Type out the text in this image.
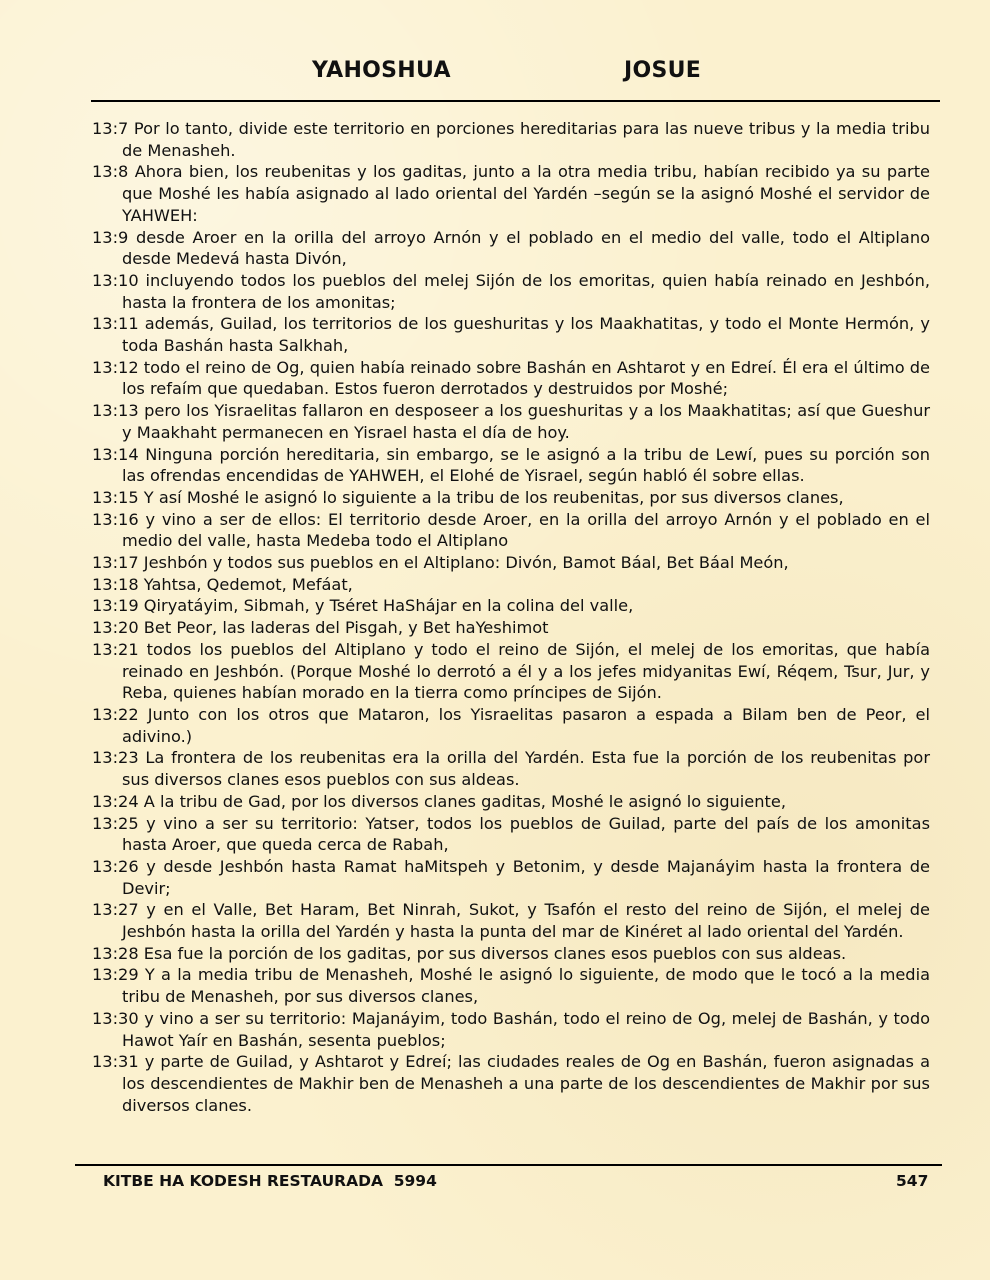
YAHOSHUA	JOSUE

13:7 Por lo tanto, divide este territorio en porciones hereditarias para las nueve tribus y la media tribu de Menasheh.

13:8 Ahora bien, los reubenitas y los gaditas, junto a la otra media tribu, habían recibido ya su parte que Moshé les había asignado al lado oriental del Yardén –según se la asignó Moshé el servidor de YAHWEH:

13:9 desde Aroer en la orilla del arroyo Arnón y el poblado en el medio del valle, todo el Altiplano desde Medevá hasta Divón,

13:10 incluyendo todos los pueblos del melej Sijón de los emoritas, quien había reinado en Jeshbón, hasta la frontera de los amonitas;

13:11 además, Guilad, los territorios de los gueshuritas y los Maakhatitas, y todo el Monte Hermón, y toda Bashán hasta Salkhah,

13:12 todo el reino de Og, quien había reinado sobre Bashán en Ashtarot y en Edreí. Él era el último de los refaím que quedaban. Estos fueron derrotados y destruidos por Moshé;

13:13 pero los Yisraelitas fallaron en desposeer a los gueshuritas y a los Maakhatitas; así que Gueshur y Maakhaht permanecen en Yisrael hasta el día de hoy.

13:14 Ninguna porción hereditaria, sin embargo, se le asignó a la tribu de Lewí, pues su porción son las ofrendas encendidas de YAHWEH, el Elohé de Yisrael, según habló él sobre ellas.

13:15 Y así Moshé le asignó lo siguiente a la tribu de los reubenitas, por sus diversos clanes,

13:16 y vino a ser de ellos: El territorio desde Aroer, en la orilla del arroyo Arnón y el poblado en el medio del valle, hasta Medeba todo el Altiplano

13:17 Jeshbón y todos sus pueblos en el Altiplano: Divón, Bamot Báal, Bet Báal Meón,

13:18 Yahtsa, Qedemot, Mefáat,

13:19 Qiryatáyim, Sibmah, y Tséret HaShájar en la colina del valle,

13:20 Bet Peor, las laderas del Pisgah, y Bet haYeshimot

13:21 todos los pueblos del Altiplano y todo el reino de Sijón, el melej de los emoritas, que había reinado en Jeshbón. (Porque Moshé lo derrotó a él y a los jefes midyanitas Ewí, Réqem, Tsur, Jur, y Reba, quienes habían morado en la tierra como príncipes de Sijón.

13:22 Junto con los otros que Mataron, los Yisraelitas pasaron a espada a Bilam ben de Peor, el adivino.)

13:23 La frontera de los reubenitas era la orilla del Yardén. Esta fue la porción de los reubenitas por sus diversos clanes esos pueblos con sus aldeas.

13:24 A la tribu de Gad, por los diversos clanes gaditas, Moshé le asignó lo siguiente,

13:25 y vino a ser su territorio: Yatser, todos los pueblos de Guilad, parte del país de los amonitas hasta Aroer, que queda cerca de Rabah,

13:26 y desde Jeshbón hasta Ramat haMitspeh y Betonim, y desde Majanáyim hasta la frontera de Devir;

13:27 y en el Valle, Bet Haram, Bet Ninrah, Sukot, y Tsafón el resto del reino de Sijón, el melej de Jeshbón hasta la orilla del Yardén y hasta la punta del mar de Kinéret al lado oriental del Yardén.

13:28 Esa fue la porción de los gaditas, por sus diversos clanes esos pueblos con sus aldeas.

13:29 Y a la media tribu de Menasheh, Moshé le asignó lo siguiente, de modo que le tocó a la media tribu de Menasheh, por sus diversos clanes,

13:30 y vino a ser su territorio: Majanáyim, todo Bashán, todo el reino de Og, melej de Bashán, y todo Hawot Yaír en Bashán, sesenta pueblos;

13:31 y parte de Guilad, y Ashtarot y Edreí; las ciudades reales de Og en Bashán, fueron asignadas a los descendientes de Makhir ben de Menasheh a una parte de los descendientes de Makhir por sus diversos clanes.

KITBE HA KODESH RESTAURADA  5994	547
